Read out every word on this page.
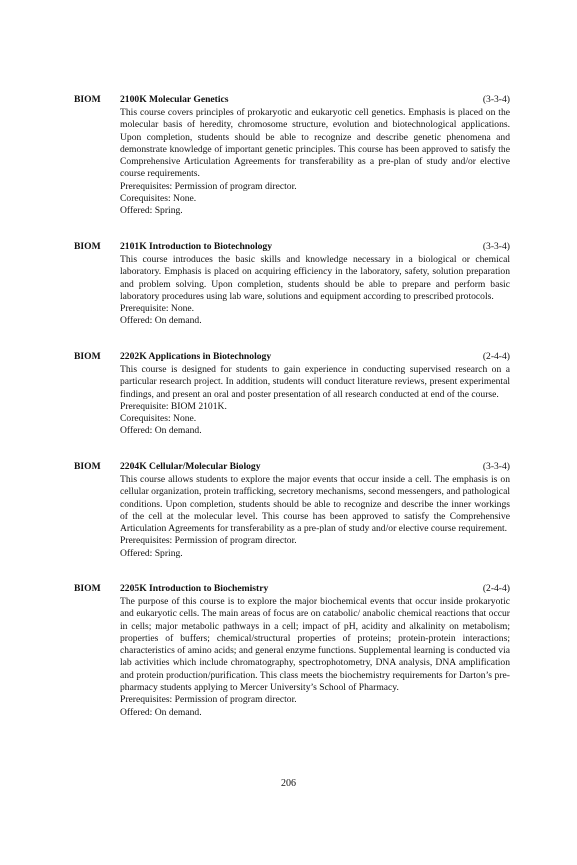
BIOM 2100K Molecular Genetics	(3-3-4)

This course covers principles of prokaryotic and eukaryotic cell genetics. Emphasis is placed on the molecular basis of heredity, chromosome structure, evolution and biotechnological applications. Upon completion, students should be able to recognize and describe genetic phenomena and demonstrate knowledge of important genetic principles. This course has been approved to satisfy the Comprehensive Articulation Agreements for transferability as a pre-plan of study and/or elective course requirements.

Prerequisites: Permission of program director.
Corequisites: None.
Offered: Spring.
BIOM 2101K Introduction to Biotechnology	(3-3-4)

This course introduces the basic skills and knowledge necessary in a biological or chemical laboratory. Emphasis is placed on acquiring efficiency in the laboratory, safety, solution preparation and problem solving. Upon completion, students should be able to prepare and perform basic laboratory procedures using lab ware, solutions and equipment according to prescribed protocols.

Prerequisite: None.
Offered: On demand.
BIOM 2202K Applications in Biotechnology	(2-4-4)

This course is designed for students to gain experience in conducting supervised research on a particular research project. In addition, students will conduct literature reviews, present experimental findings, and present an oral and poster presentation of all research conducted at end of the course.

Prerequisite: BIOM 2101K.
Corequisites: None.
Offered: On demand.
BIOM 2204K Cellular/Molecular Biology	(3-3-4)

This course allows students to explore the major events that occur inside a cell. The emphasis is on cellular organization, protein trafficking, secretory mechanisms, second messengers, and pathological conditions. Upon completion, students should be able to recognize and describe the inner workings of the cell at the molecular level. This course has been approved to satisfy the Comprehensive Articulation Agreements for transferability as a pre-plan of study and/or elective course requirement.

Prerequisites: Permission of program director.
Offered: Spring.
BIOM 2205K Introduction to Biochemistry	(2-4-4)

The purpose of this course is to explore the major biochemical events that occur inside prokaryotic and eukaryotic cells. The main areas of focus are on catabolic/ anabolic chemical reactions that occur in cells; major metabolic pathways in a cell; impact of pH, acidity and alkalinity on metabolism; properties of buffers; chemical/structural properties of proteins; protein-protein interactions; characteristics of amino acids; and general enzyme functions. Supplemental learning is conducted via lab activities which include chromatography, spectrophotometry, DNA analysis, DNA amplification and protein production/purification. This class meets the biochemistry requirements for Darton’s pre-pharmacy students applying to Mercer University’s School of Pharmacy.

Prerequisites: Permission of program director.
Offered: On demand.
206
